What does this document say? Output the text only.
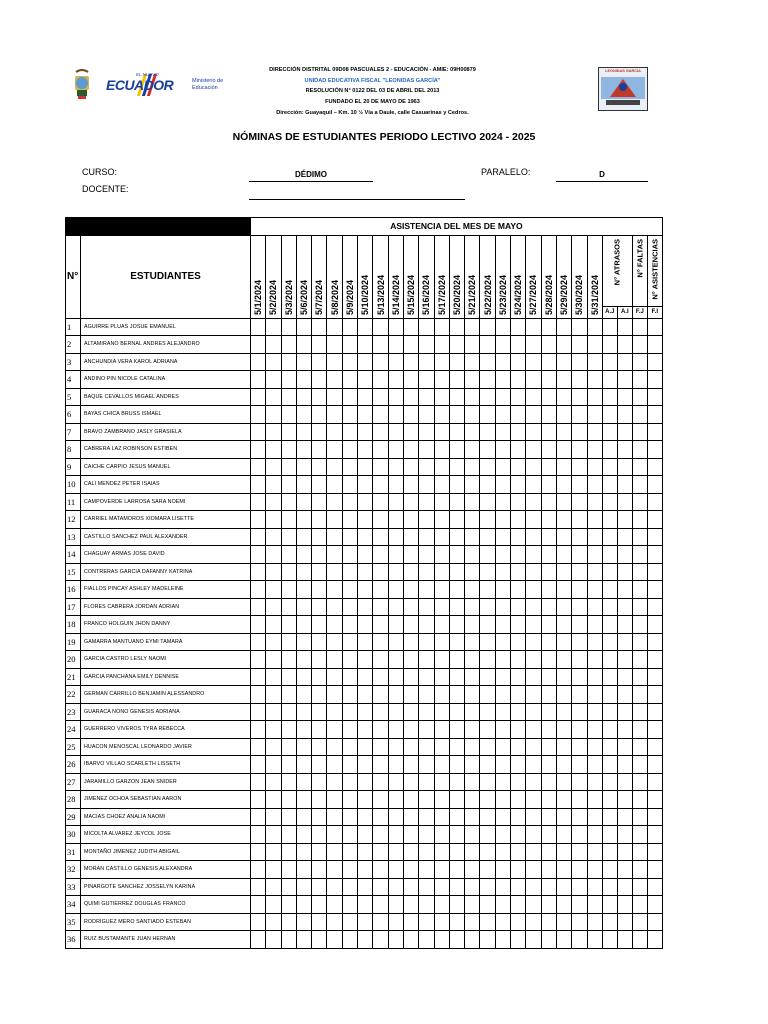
EL NUEVO
ECUADOR	Ministerio de Educación
LEONIDAS GARCÍA
DIRECCIÓN DISTRITAL 09D08 PASCUALES 2 - EDUCACIÓN - AMIE: 09H00879
UNIDAD EDUCATIVA FISCAL "LEONIDAS GARCÍA"
RESOLUCIÓN N° 0122 DEL 03 DE ABRIL DEL 2013
FUNDADO EL 20 DE MAYO DE 1963
Dirección: Guayaquil – Km. 10 ½ Vía a Daule, calle Casuarinas y Cedros.
NÓMINAS DE ESTUDIANTES PERIODO LECTIVO 2024 - 2025
CURSO:	DÉDIMO	PARALELO:	D
DOCENTE:
		ASISTENCIA DEL MES DE MAYO																										
N°	ESTUDIANTES	5/1/2024	5/2/2024	5/3/2024	5/6/2024	5/7/2024	5/8/2024	5/9/2024	5/10/2024	5/13/2024	5/14/2024	5/15/2024	5/16/2024	5/17/2024	5/20/2024	5/21/2024	5/22/2024	5/23/2024	5/24/2024	5/27/2024	5/28/2024	5/29/2024	5/30/2024	5/31/2024	N° ATRASOS		N° FALTAS	N° ASISTENCIAS

																									A.J	A.I	F.J	F.I
1	AGUIRRE PLUAS JOSUE EMANUEL																											
2	ALTAMIRANO BERNAL ANDRES ALEJANDRO																											
3	ANCHUNDIA VERA KAROL ADRIANA																											
4	ANDINO PIN NICOLE CATALINA																											
5	BAQUE CEVALLOS MIGAEL ANDRES																											
6	BAYAS CHICA BRUSS ISMAEL																											
7	BRAVO ZAMBRANO JASLY GRASIELA																											
8	CABRERA LAZ ROBINSON ESTIBEN																											
9	CAICHE CARPIO JESUS MANUEL																											
10	CALI MENDEZ PETER ISAIAS																											
11	CAMPOVERDE LARROSA SARA NOEMI																											
12	CARRIEL MATAMOROS XIOMARA LISETTE																											
13	CASTILLO SANCHEZ PAUL ALEXANDER																											
14	CHAGUAY ARMAS JOSE DAVID																											
15	CONTRERAS GARCIA DAFANNY KATRINA																											
16	FIALLOS PINCAY ASHLEY MADELEINE																											
17	FLORES CABRERA JORDAN ADRIAN																											
18	FRANCO HOLGUIN JHON DANNY																											
19	GAMARRA MANTUANO EYMI TAMARA																											
20	GARCIA CASTRO LESLY NAOMI																											
21	GARCIA PANCHANA EMILY DENNISE																											
22	GERMAN CARRILLO BENJAMIN ALESSANDRO																											
23	GUARACA NONO GENESIS ADRIANA																											
24	GUERRERO VIVEROS TYRA REBECCA																											
25	HUACON MENOSCAL LEONARDO JAVIER																											
26	IBARVO VILLAO SCARLETH LISSETH																											
27	JARAMILLO GARZON JEAN SNIDER																											
28	JIMENEZ OCHOA SEBASTIAN AARON																											
29	MACIAS CHOEZ ANALIA NAOMI																											
30	MICOLTA ALVAREZ JEYCOL JOSE																											
31	MONTAÑO JIMENEZ JUDITH ABIGAIL																											
32	MORAN CASTILLO GENESIS ALEXANDRA																											
33	PINARGOTE SANCHEZ JOSSELYN KARINA																											
34	QUIMI GUTIERREZ DOUGLAS FRANCO																											
35	RODRIGUEZ MERO SANTIADO ESTEBAN																											
36	RUIZ BUSTAMANTE JUAN HERNAN																											
